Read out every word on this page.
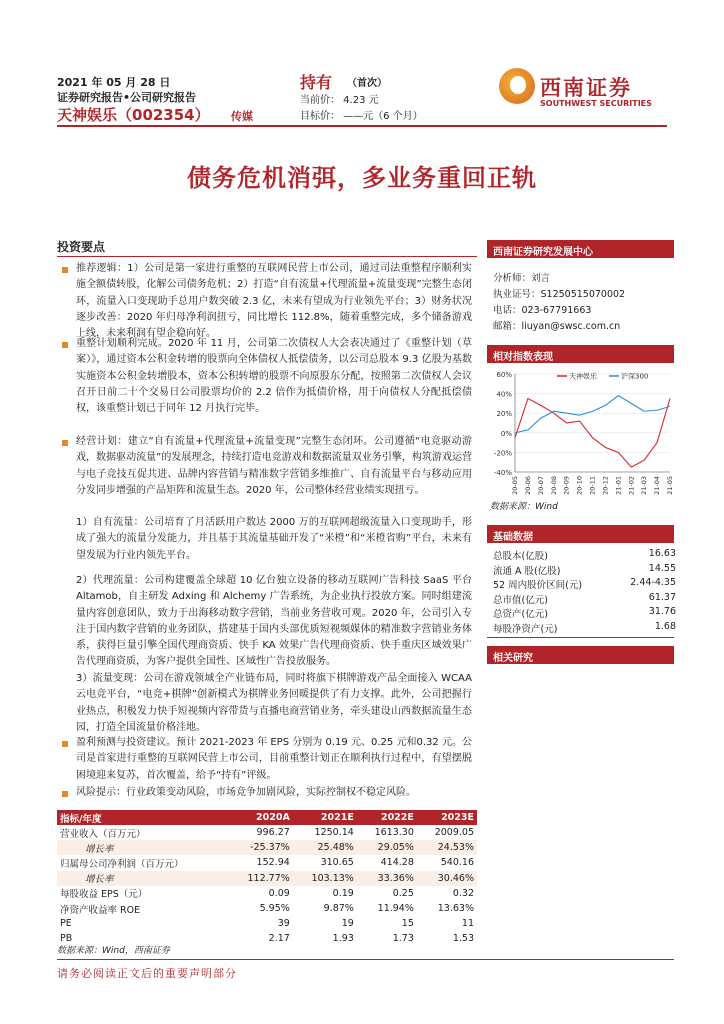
2021 年 05 月 28 日
证券研究报告•公司研究报告
天神娱乐（002354） 传媒
持有 （首次）
当前价： 4.23 元
目标价： ——元（6 个月）
西南证券
SOUTHWEST SECURITIES
债务危机消弭，多业务重回正轨
投资要点
推荐逻辑：1）公司是第一家进行重整的互联网民营上市公司，通过司法重整程序顺利实施全额债转股，化解公司债务危机；2）打造“自有流量+代理流量+流量变现”完整生态闭环，流量入口变现助手总用户数突破 2.3 亿，未来有望成为行业领先平台；3）财务状况逐步改善：2020 年归母净利润扭亏，同比增长 112.8%，随着重整完成，多个储备游戏上线，未来利润有望企稳向好。
重整计划顺利完成。2020 年 11 月，公司第二次债权人大会表决通过了《重整计划（草案）》，通过资本公积金转增的股票向全体债权人抵偿债务，以公司总股本 9.3 亿股为基数实施资本公积金转增股本，资本公积转增的股票不向原股东分配，按照第二次债权人会议召开日前二十个交易日公司股票均价的 2.2 倍作为抵债价格，用于向债权人分配抵偿债权，该重整计划已于同年 12 月执行完毕。
经营计划：建立“自有流量+代理流量+流量变现”完整生态闭环。公司遵循“电竞驱动游戏，数据驱动流量”的发展理念，持续打造电竞游戏和数据流量双业务引擎，构筑游戏运营与电子竞技互促共进、品牌内容营销与精准数字营销多维推广、自有流量平台与移动应用分发同步增强的产品矩阵和流量生态。2020 年，公司整体经营业绩实现扭亏。
1）自有流量：公司培育了月活跃用户数达 2000 万的互联网超级流量入口变现助手，形成了强大的流量分发能力，并且基于其流量基础开发了“米橙”和“米橙省购”平台，未来有望发展为行业内领先平台。
2）代理流量：公司构建覆盖全球超 10 亿台独立设备的移动互联网广告科技 SaaS 平台 Altamob，自主研发 Adxing 和 Alchemy 广告系统，为企业执行投放方案。同时组建流量内容创意团队，致力于出海移动数字营销，当前业务营收可观。2020 年，公司引入专注于国内数字营销的业务团队，搭建基于国内头部优质短视频媒体的精准数字营销业务体系，获得巨量引擎全国代理商资质、快手 KA 效果广告代理商资质、快手重庆区域效果广告代理商资质，为客户提供全国性、区域性广告投放服务。
3）流量变现：公司在游戏领域全产业链布局，同时将旗下棋牌游戏产品全面接入 WCAA 云电竞平台，“电竞+棋牌”创新模式为棋牌业务回暖提供了有力支撑。此外，公司把握行业热点，积极发力快手短视频内容带货与直播电商营销业务，牵头建设山西数据流量生态园，打造全国流量价格洼地。
盈利预测与投资建议。预计 2021-2023 年 EPS 分别为 0.19 元、0.25 元和0.32 元。公司是首家进行重整的互联网民营上市公司，目前重整计划正在顺利执行过程中，有望摆脱困境迎来复苏，首次覆盖，给予“持有”评级。
风险提示：行业政策变动风险，市场竞争加剧风险，实际控制权不稳定风险。
指标/年度	2020A	2021E	2022E	2023E
营业收入（百万元）	996.27	1250.14	1613.30	2009.05
增长率	-25.37%	25.48%	29.05%	24.53%
归属母公司净利润（百万元）	152.94	310.65	414.28	540.16
增长率	112.77%	103.13%	33.36%	30.46%
每股收益 EPS（元）	0.09	0.19	0.25	0.32
净资产收益率 ROE	5.95%	9.87%	11.94%	13.63%
PE	39	19	15	11
PB	2.17	1.93	1.73	1.53
数据来源：Wind，西南证券
西南证券研究发展中心
分析师：刘言
执业证号：S1250515070002
电话：023-67791663
邮箱：liuyan@swsc.com.cn
相对指数表现
60%
40%
20%
0%
-20%
-40%
20-05 20-06 20-07 20-08 20-09 20-10 20-11 20-12 21-01 21-02 21-03 21-04 21-05
天神娱乐	沪深300
数据来源：Wind
基础数据
总股本(亿股)	16.63
流通 A 股(亿股)	14.55
52 周内股价区间(元)	2.44-4.35
总市值(亿元)	61.37
总资产(亿元)	31.76
每股净资产(元)	1.68
相关研究
请务必阅读正文后的重要声明部分
